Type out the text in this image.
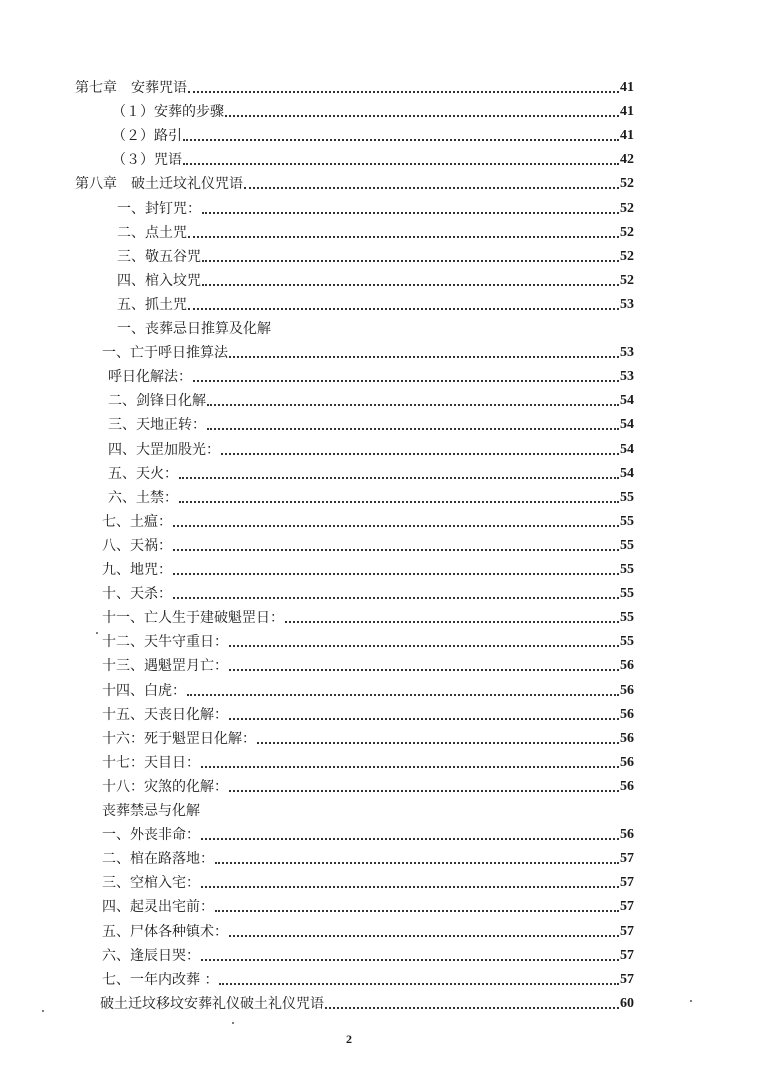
第七章　安葬咒语	41
（１）安葬的步骤	41
（２）路引	41
（３）咒语	42
第八章　破土迁坟礼仪咒语	52
一、封钉咒：	52
二、点土咒	52
三、敬五谷咒	52
四、棺入坟咒	52
五、抓土咒	53
一、丧葬忌日推算及化解
一、亡于呼日推算法	53
呼日化解法：	53
二、剑锋日化解	54
三、天地正转：	54
四、大罡加股光：	54
五、天火：	54
六、土禁：	55
七、土瘟：	55
八、天祸：	55
九、地咒：	55
十、天杀：	55
十一、亡人生于建破魁罡日：	55
十二、天牛守重日：	55
十三、遇魁罡月亡：	56
十四、白虎：	56
十五、天丧日化解：	56
十六：死于魁罡日化解：	56
十七：天目日：	56
十八：灾煞的化解：	56
丧葬禁忌与化解
一、外丧非命：	56
二、棺在路落地：	57
三、空棺入宅：	57
四、起灵出宅前：	57
五、尸体各种镇术：	57
六、逢辰日哭：	57
七、一年内改葬 ：	57
破土迁坟移坟安葬礼仪破土礼仪咒语	60
2
